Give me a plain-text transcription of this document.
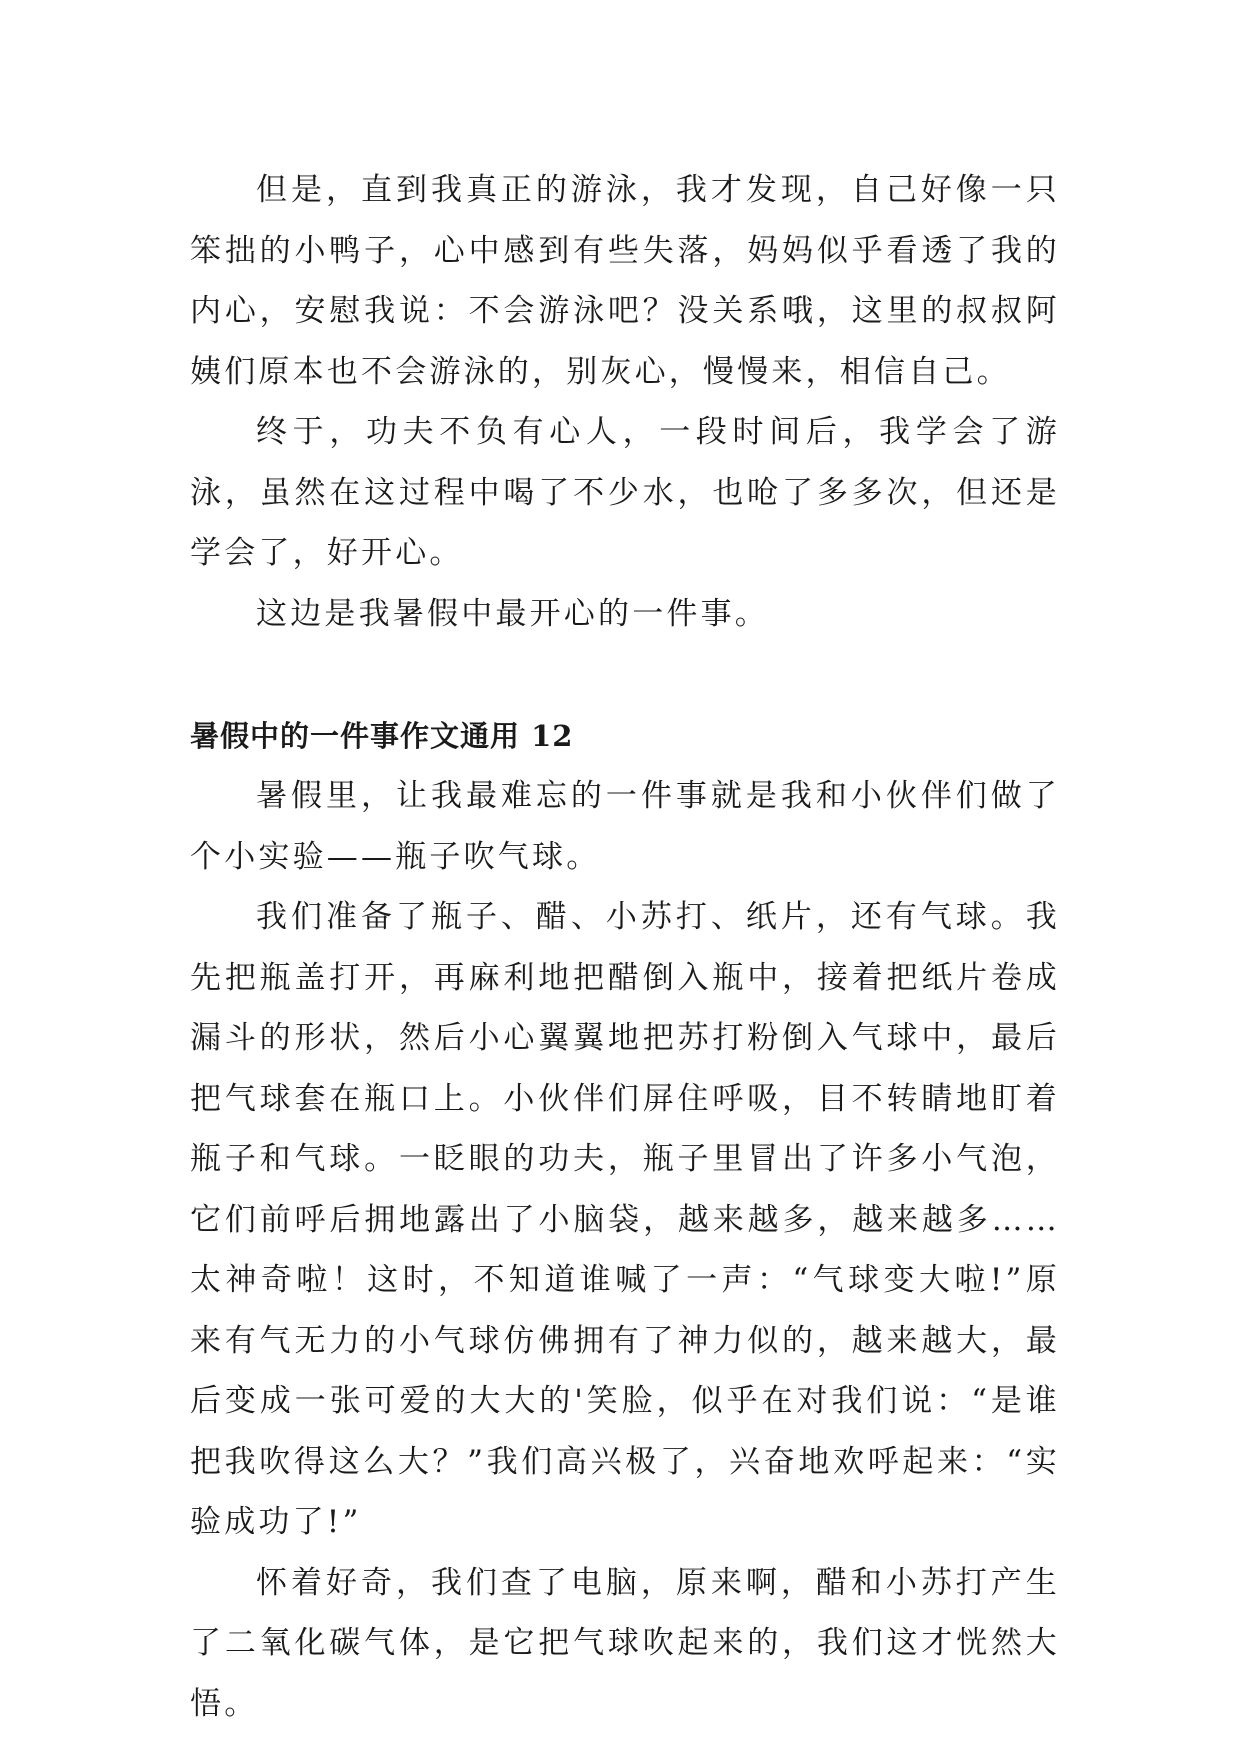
但是，直到我真正的游泳，我才发现，自己好像一只笨拙的小鸭子，心中感到有些失落，妈妈似乎看透了我的内心，安慰我说：不会游泳吧？没关系哦，这里的叔叔阿姨们原本也不会游泳的，别灰心，慢慢来，相信自己。

终于，功夫不负有心人，一段时间后，我学会了游泳，虽然在这过程中喝了不少水，也呛了多多次，但还是学会了，好开心。

这边是我暑假中最开心的一件事。

暑假中的一件事作文通用 12

暑假里，让我最难忘的一件事就是我和小伙伴们做了个小实验——瓶子吹气球。

我们准备了瓶子、醋、小苏打、纸片，还有气球。我先把瓶盖打开，再麻利地把醋倒入瓶中，接着把纸片卷成漏斗的形状，然后小心翼翼地把苏打粉倒入气球中，最后把气球套在瓶口上。小伙伴们屏住呼吸，目不转睛地盯着瓶子和气球。一眨眼的功夫，瓶子里冒出了许多小气泡，它们前呼后拥地露出了小脑袋，越来越多，越来越多……太神奇啦！这时，不知道谁喊了一声：“气球变大啦!”原来有气无力的小气球仿佛拥有了神力似的，越来越大，最后变成一张可爱的大大的'笑脸，似乎在对我们说：“是谁把我吹得这么大？”我们高兴极了，兴奋地欢呼起来：“实验成功了!”

怀着好奇，我们查了电脑，原来啊，醋和小苏打产生了二氧化碳气体，是它把气球吹起来的，我们这才恍然大悟。
